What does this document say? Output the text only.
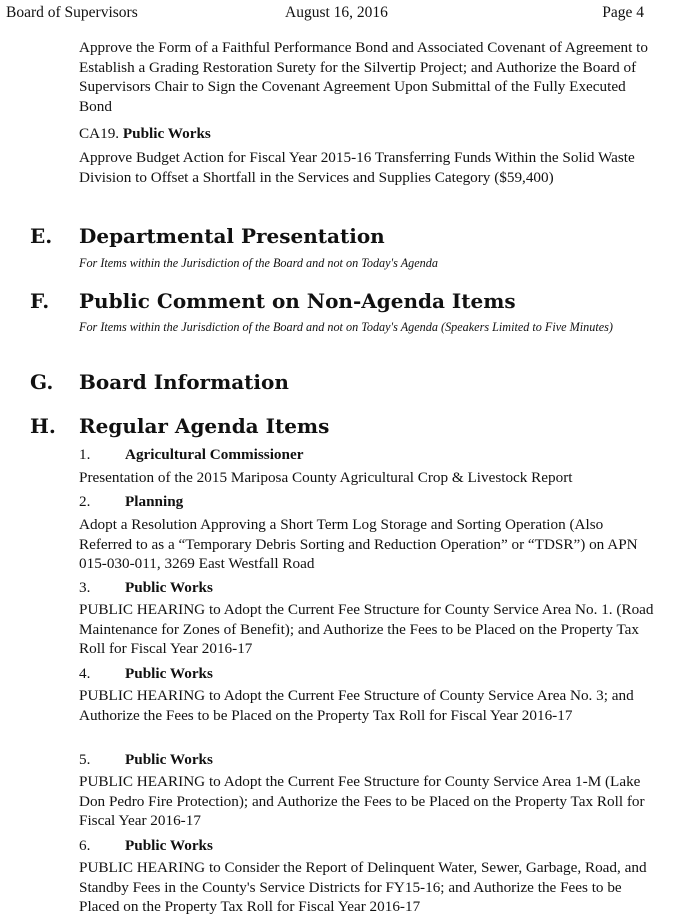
Board of Supervisors	August 16, 2016	Page 4
Approve the Form of a Faithful Performance Bond and Associated Covenant of Agreement to Establish a Grading Restoration Surety for the Silvertip Project; and Authorize the Board of Supervisors Chair to Sign the Covenant Agreement Upon Submittal of the Fully Executed Bond
CA19. Public Works
Approve Budget Action for Fiscal Year 2015-16 Transferring Funds Within the Solid Waste Division to Offset a Shortfall in the Services and Supplies Category ($59,400)
E. Departmental Presentation
For Items within the Jurisdiction of the Board and not on Today's Agenda
F. Public Comment on Non-Agenda Items
For Items within the Jurisdiction of the Board and not on Today's Agenda (Speakers Limited to Five Minutes)
G. Board Information
H. Regular Agenda Items
1. Agricultural Commissioner
Presentation of the 2015 Mariposa County Agricultural Crop & Livestock Report
2. Planning
Adopt a Resolution Approving a Short Term Log Storage and Sorting Operation (Also Referred to as a “Temporary Debris Sorting and Reduction Operation” or “TDSR”) on APN 015-030-011, 3269 East Westfall Road
3. Public Works
PUBLIC HEARING to Adopt the Current Fee Structure for County Service Area No. 1. (Road Maintenance for Zones of Benefit); and Authorize the Fees to be Placed on the Property Tax Roll for Fiscal Year 2016-17
4. Public Works
PUBLIC HEARING to Adopt the Current Fee Structure of County Service Area No. 3; and Authorize the Fees to be Placed on the Property Tax Roll for Fiscal Year 2016-17
5. Public Works
PUBLIC HEARING to Adopt the Current Fee Structure for County Service Area 1-M (Lake Don Pedro Fire Protection); and Authorize the Fees to be Placed on the Property Tax Roll for Fiscal Year 2016-17
6. Public Works
PUBLIC HEARING to Consider the Report of Delinquent Water, Sewer, Garbage, Road, and Standby Fees in the County's Service Districts for FY15-16; and Authorize the Fees to be Placed on the Property Tax Roll for Fiscal Year 2016-17
